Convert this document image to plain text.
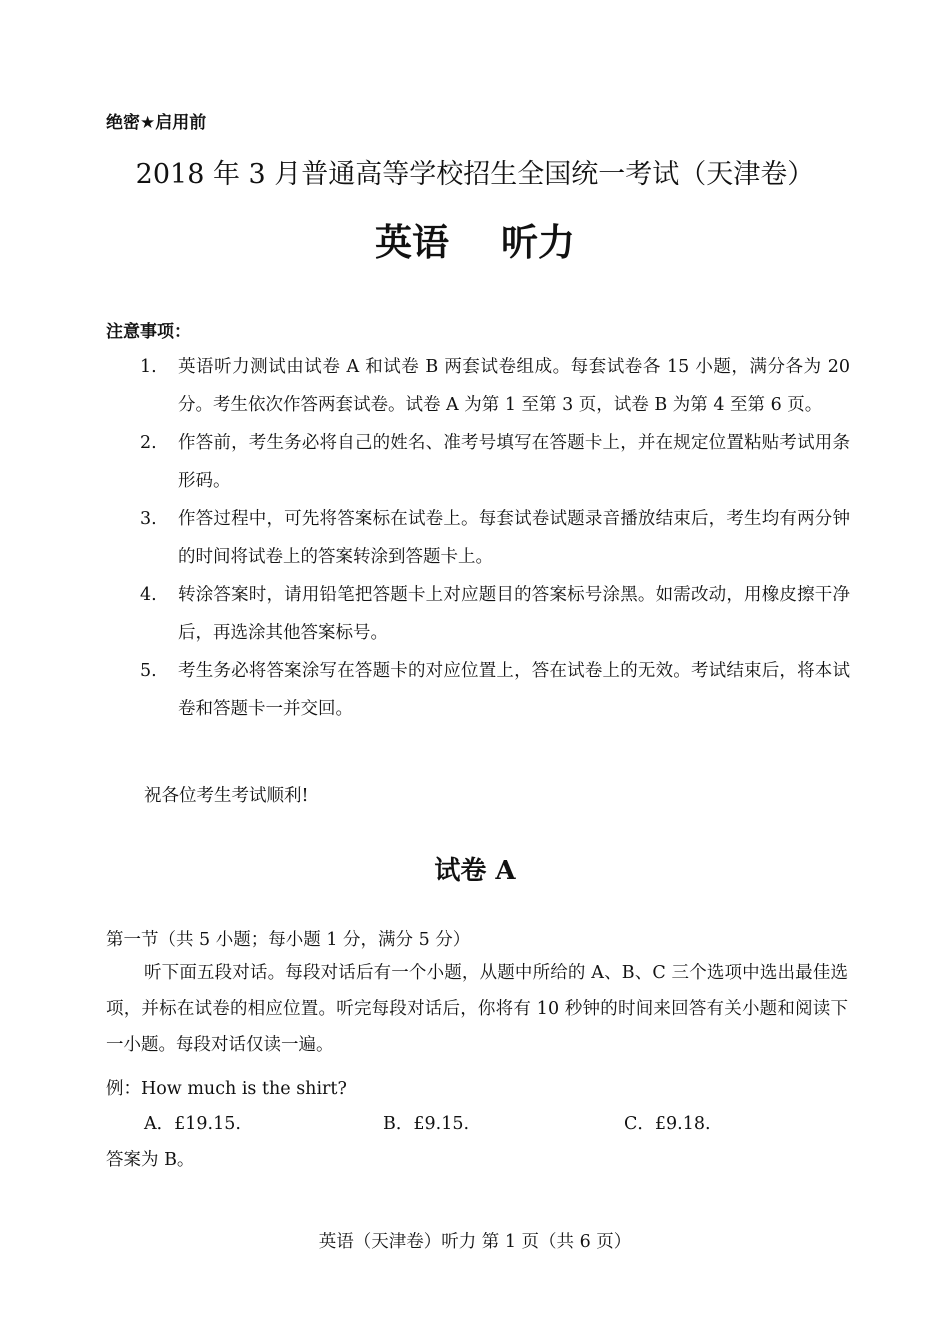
绝密★启用前
2018 年 3 月普通高等学校招生全国统一考试（天津卷）
英语 听力
注意事项：
1.	英语听力测试由试卷 A 和试卷 B 两套试卷组成。每套试卷各 15 小题，满分各为 20 分。考生依次作答两套试卷。试卷 A 为第 1 至第 3 页，试卷 B 为第 4 至第 6 页。
2.	作答前，考生务必将自己的姓名、准考号填写在答题卡上，并在规定位置粘贴考试用条形码。
3.	作答过程中，可先将答案标在试卷上。每套试卷试题录音播放结束后，考生均有两分钟的时间将试卷上的答案转涂到答题卡上。
4.	转涂答案时，请用铅笔把答题卡上对应题目的答案标号涂黑。如需改动，用橡皮擦干净后，再选涂其他答案标号。
5.	考生务必将答案涂写在答题卡的对应位置上，答在试卷上的无效。考试结束后，将本试卷和答题卡一并交回。
祝各位考生考试顺利!
试卷 A
第一节（共 5 小题；每小题 1 分，满分 5 分）

听下面五段对话。每段对话后有一个小题，从题中所给的 A、B、C 三个选项中选出最佳选项，并标在试卷的相应位置。听完每段对话后，你将有 10 秒钟的时间来回答有关小题和阅读下一小题。每段对话仅读一遍。

例：How much is the shirt?
A．£19.15.	B．£9.15.	C．£9.18.
答案为 B。
英语（天津卷）听力 第 1 页（共 6 页）
